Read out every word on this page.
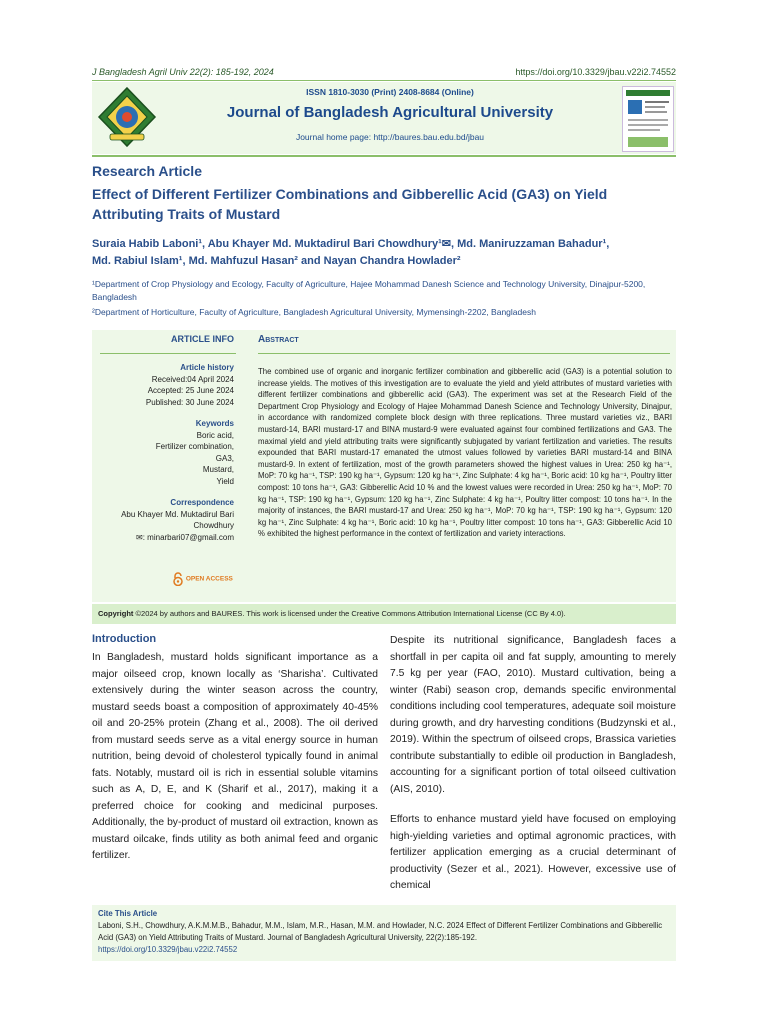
J Bangladesh Agril Univ 22(2): 185-192, 2024	https://doi.org/10.3329/jbau.v22i2.74552
ISSN 1810-3030 (Print) 2408-8684 (Online)
Journal of Bangladesh Agricultural University
Journal home page: http://baures.bau.edu.bd/jbau
Research Article
Effect of Different Fertilizer Combinations and Gibberellic Acid (GA3) on Yield Attributing Traits of Mustard
Suraia Habib Laboni¹, Abu Khayer Md. Muktadirul Bari Chowdhury¹✉, Md. Maniruzzaman Bahadur¹,
Md. Rabiul Islam¹, Md. Mahfuzul Hasan² and Nayan Chandra Howlader²

¹Department of Crop Physiology and Ecology, Faculty of Agriculture, Hajee Mohammad Danesh Science and Technology University, Dinajpur-5200, Bangladesh

²Department of Horticulture, Faculty of Agriculture, Bangladesh Agricultural University, Mymensingh-2202, Bangladesh

ARTICLE INFO	Abstract
Article history
Received:04 April 2024
Accepted: 25 June 2024
Published: 30 June 2024
Keywords
Boric acid,
Fertilizer combination,
GA3,
Mustard,
Yield
Correspondence
Abu Khayer Md. Muktadirul Bari Chowdhury
✉: minarbari07@gmail.com
OPEN ACCESS
The combined use of organic and inorganic fertilizer combination and gibberellic acid (GA3) is a potential solution to increase yields. The motives of this investigation are to evaluate the yield and yield attributes of mustard varieties with different fertilizer combinations and gibberellic acid (GA3). The experiment was set at the Research Field of the Department Crop Physiology and Ecology of Hajee Mohammad Danesh Science and Technology University, Dinajpur, in accordance with randomized complete block design with three replications. Three mustard varieties viz., BARI mustard-14, BARI mustard-17 and BINA mustard-9 were evaluated against four combined fertilizations and GA3. The maximal yield and yield attributing traits were significantly subjugated by variant fertilization and varieties. The results expounded that BARI mustard-17 emanated the utmost values followed by varieties BARI mustard-14 and BINA mustard-9. In extent of fertilization, most of the growth parameters showed the highest values in Urea: 250 kg ha⁻¹, MoP: 70 kg ha⁻¹, TSP: 190 kg ha⁻¹, Gypsum: 120 kg ha⁻¹, Zinc Sulphate: 4 kg ha⁻¹, Boric acid: 10 kg ha⁻¹, Poultry litter compost: 10 tons ha⁻¹, GA3: Gibberellic Acid 10 % and the lowest values were recorded in Urea: 250 kg ha⁻¹, MoP: 70 kg ha⁻¹, TSP: 190 kg ha⁻¹, Gypsum: 120 kg ha⁻¹, Zinc Sulphate: 4 kg ha⁻¹, Poultry litter compost: 10 tons ha⁻¹. In the majority of instances, the BARI mustard-17 and Urea: 250 kg ha⁻¹, MoP: 70 kg ha⁻¹, TSP: 190 kg ha⁻¹, Gypsum: 120 kg ha⁻¹, Zinc Sulphate: 4 kg ha⁻¹, Boric acid: 10 kg ha⁻¹, Poultry litter compost: 10 tons ha⁻¹, GA3: Gibberellic Acid 10 % exhibited the highest performance in the context of fertilization and variety interactions.
Copyright ©2024 by authors and BAURES. This work is licensed under the Creative Commons Attribution International License (CC By 4.0).

Introduction

In Bangladesh, mustard holds significant importance as a major oilseed crop, known locally as ‘Sharisha’. Cultivated extensively during the winter season across the country, mustard seeds boast a composition of approximately 40-45% oil and 20-25% protein (Zhang et al., 2008). The oil derived from mustard seeds serve as a vital energy source in human nutrition, being devoid of cholesterol typically found in animal fats. Notably, mustard oil is rich in essential soluble vitamins such as A, D, E, and K (Sharif et al., 2017), making it a preferred choice for cooking and medicinal purposes. Additionally, the by-product of mustard oil extraction, known as mustard oilcake, finds utility as both animal feed and organic fertilizer.

Despite its nutritional significance, Bangladesh faces a shortfall in per capita oil and fat supply, amounting to merely 7.5 kg per year (FAO, 2010). Mustard cultivation, being a winter (Rabi) season crop, demands specific environmental conditions including cool temperatures, adequate soil moisture during growth, and dry harvesting conditions (Budzynski et al., 2019). Within the spectrum of oilseed crops, Brassica varieties contribute substantially to edible oil production in Bangladesh, accounting for a significant portion of total oilseed cultivation (AIS, 2010).

Efforts to enhance mustard yield have focused on employing high-yielding varieties and optimal agronomic practices, with fertilizer application emerging as a crucial determinant of productivity (Sezer et al., 2021). However, excessive use of chemical

Cite This Article
Laboni, S.H., Chowdhury, A.K.M.M.B., Bahadur, M.M., Islam, M.R., Hasan, M.M. and Howlader, N.C. 2024 Effect of Different Fertilizer Combinations and Gibberellic Acid (GA3) on Yield Attributing Traits of Mustard. Journal of Bangladesh Agricultural University, 22(2):185-192.
https://doi.org/10.3329/jbau.v22i2.74552
